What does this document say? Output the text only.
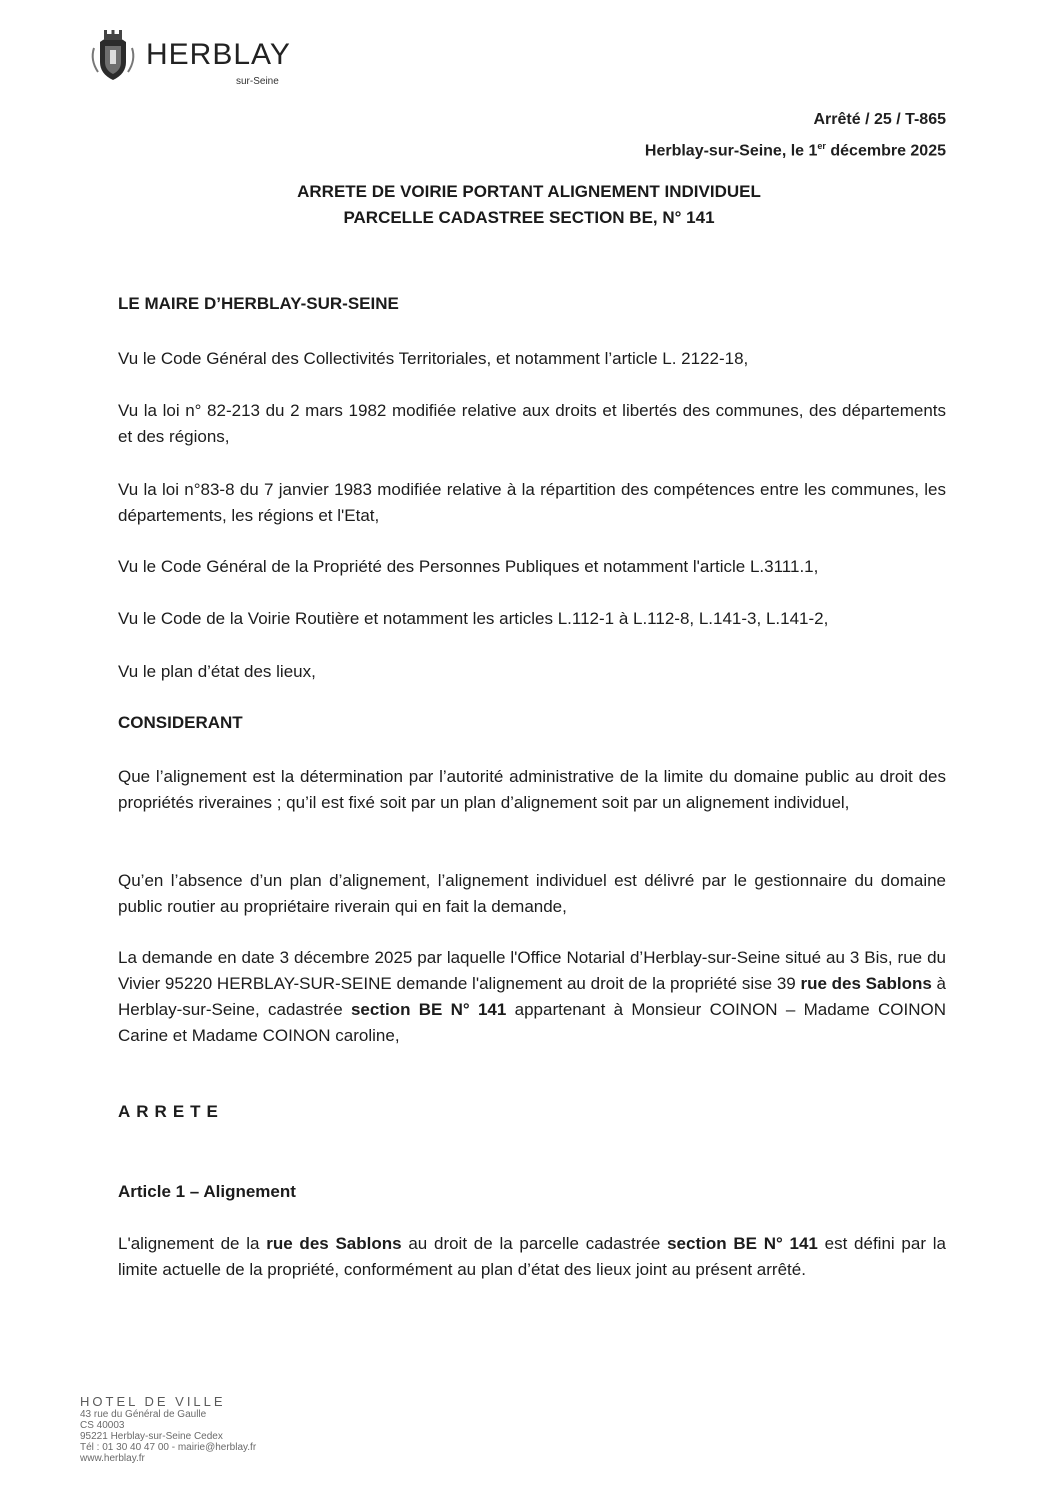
HERBLAY
sur-Seine
Arrêté / 25 / T-865
Herblay-sur-Seine, le 1er décembre 2025
ARRETE DE VOIRIE PORTANT ALIGNEMENT INDIVIDUEL
PARCELLE CADASTREE SECTION BE, N° 141

LE MAIRE D’HERBLAY-SUR-SEINE

Vu le Code Général des Collectivités Territoriales, et notamment l’article L. 2122-18,

Vu la loi n° 82-213 du 2 mars 1982 modifiée relative aux droits et libertés des communes, des départements et des régions,

Vu la loi n°83-8 du 7 janvier 1983 modifiée relative à la répartition des compétences entre les communes, les départements, les régions et l'Etat,

Vu le Code Général de la Propriété des Personnes Publiques et notamment l'article L.3111.1,

Vu le Code de la Voirie Routière et notamment les articles L.112-1 à L.112-8, L.141-3, L.141-2,

Vu le plan d’état des lieux,

CONSIDERANT

Que l’alignement est la détermination par l’autorité administrative de la limite du domaine public au droit des propriétés riveraines ; qu’il est fixé soit par un plan d’alignement soit par un alignement individuel,

Qu’en l’absence d’un plan d’alignement, l’alignement individuel est délivré par le gestionnaire du domaine public routier au propriétaire riverain qui en fait la demande,

La demande en date 3 décembre 2025 par laquelle l'Office Notarial d’Herblay-sur-Seine situé au 3 Bis, rue du Vivier 95220 HERBLAY-SUR-SEINE demande l'alignement au droit de la propriété sise 39 rue des Sablons à Herblay-sur-Seine, cadastrée section BE N° 141 appartenant à Monsieur COINON – Madame COINON Carine et Madame COINON caroline,

ARRETE

Article 1 – Alignement

L'alignement de la rue des Sablons au droit de la parcelle cadastrée section BE N° 141 est défini par la limite actuelle de la propriété, conformément au plan d’état des lieux joint au présent arrêté.

HOTEL DE VILLE
43 rue du Général de Gaulle
CS 40003
95221 Herblay-sur-Seine Cedex
Tél : 01 30 40 47 00 - mairie@herblay.fr
www.herblay.fr
